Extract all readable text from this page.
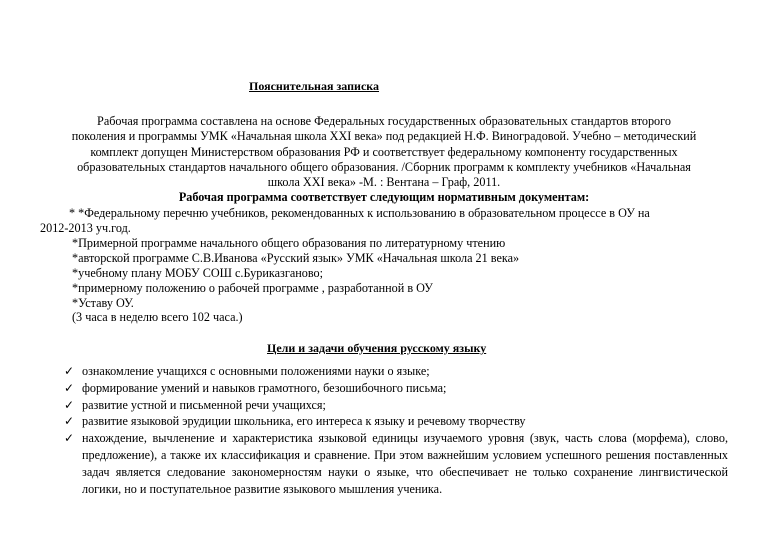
Пояснительная записка

Рабочая программа составлена на основе Федеральных государственных образовательных стандартов второго

поколения и программы УМК «Начальная школа XXI века» под редакцией Н.Ф. Виноградовой. Учебно – методический

комплект допущен Министерством образования РФ и соответствует федеральному компоненту государственных

образовательных стандартов начального общего образования. /Сборник программ к комплекту учебников «Начальная

школа XXI века» -М. : Вентана – Граф, 2011.

Рабочая программа соответствует следующим нормативным документам:

* *Федеральному перечню учебников, рекомендованных к использованию в образовательном процессе в ОУ на
2012-2013 уч.год.
*Примерной программе начального общего образования по литературному чтению
*авторской программе С.В.Иванова «Русский язык» УМК «Начальная школа 21 века»
*учебному плану МОБУ СОШ с.Буриказганово;
*примерному положению о рабочей программе , разработанной в ОУ
*Уставу ОУ.
(3 часа в неделю всего 102 часа.)
Цели и задачи обучения русскому языку
✓ ознакомление учащихся с основными положениями науки о языке;
✓ формирование умений и навыков грамотного, безошибочного письма;
✓ развитие устной и письменной речи учащихся;
✓ развитие языковой эрудиции школьника, его интереса к языку и речевому творчеству
✓ нахождение, вычленение и характеристика языковой единицы изучаемого уровня (звук, часть слова (морфема), слово, предложение), а также их классификация и сравнение. При этом важнейшим условием успешного решения поставленных задач является следование закономерностям науки о языке, что обеспечивает не только сохранение лингвистической логики, но и поступательное развитие языкового мышления ученика.
